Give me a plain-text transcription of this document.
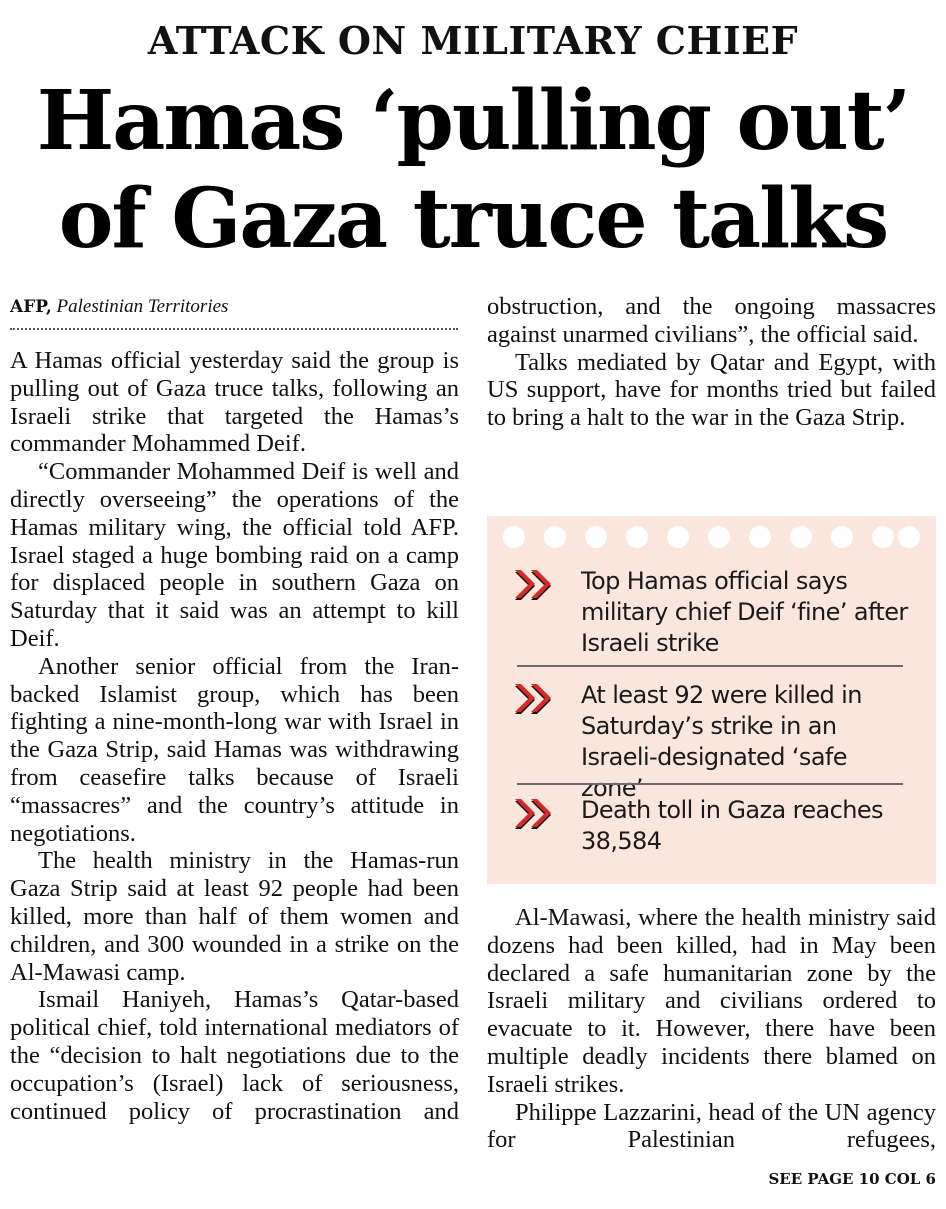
ATTACK ON MILITARY CHIEF
Hamas ‘pulling out’
of Gaza truce talks
AFP, Palestinian Territories

A Hamas official yesterday said the group is pulling out of Gaza truce talks, following an Israeli strike that targeted the Hamas’s commander Mohammed Deif.

“Commander Mohammed Deif is well and directly overseeing” the operations of the Hamas military wing, the official told AFP. Israel staged a huge bombing raid on a camp for displaced people in southern Gaza on Saturday that it said was an attempt to kill Deif.

Another senior official from the Iran-backed Islamist group, which has been fighting a nine-month-long war with Israel in the Gaza Strip, said Hamas was withdrawing from ceasefire talks because of Israeli “massacres” and the country’s attitude in negotiations.

The health ministry in the Hamas-run Gaza Strip said at least 92 people had been killed, more than half of them women and children, and 300 wounded in a strike on the Al-Mawasi camp.

Ismail Haniyeh, Hamas’s Qatar-based political chief, told international mediators of the “decision to halt negotiations due to the occupation’s (Israel) lack of seriousness, continued policy of procrastination and

obstruction, and the ongoing massacres against unarmed civilians”, the official said.

Talks mediated by Qatar and Egypt, with US support, have for months tried but failed to bring a halt to the war in the Gaza Strip.

Top Hamas official says military chief Deif ‘fine’ after Israeli strike
At least 92 were killed in Saturday’s strike in an Israeli-designated ‘safe zone’
Death toll in Gaza reaches 38,584

Al-Mawasi, where the health ministry said dozens had been killed, had in May been declared a safe humanitarian zone by the Israeli military and civilians ordered to evacuate to it. However, there have been multiple deadly incidents there blamed on Israeli strikes.

Philippe Lazzarini, head of the UN agency for Palestinian refugees,

SEE PAGE 10 COL 6
